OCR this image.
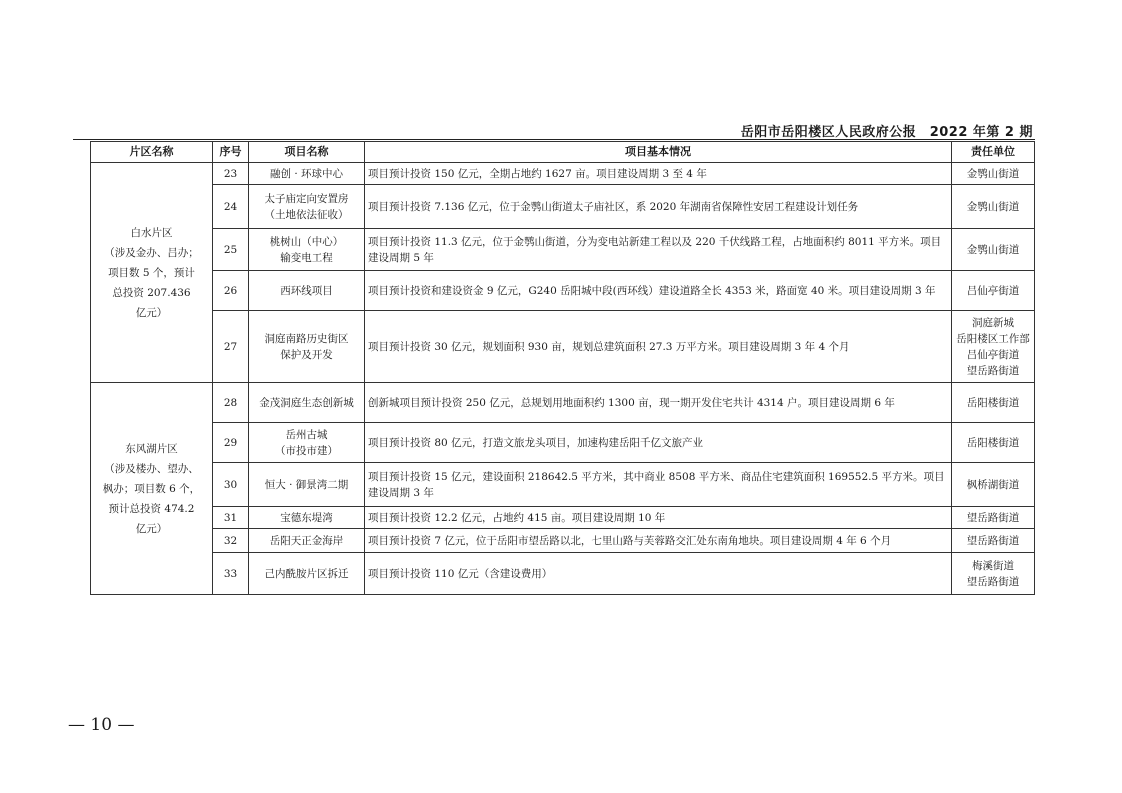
岳阳市岳阳楼区人民政府公报　2022 年第 2 期
片区名称	序号	项目名称	项目基本情况	责任单位
白水片区
（涉及金办、吕办；
项目数 5 个，预计
总投资 207.436
亿元）	23	融创 · 环球中心	项目预计投资 150 亿元，全期占地约 1627 亩。项目建设周期 3 至 4 年	金鹗山街道
	24	太子庙定向安置房
（土地依法征收）	项目预计投资 7.136 亿元，位于金鹗山街道太子庙社区，系 2020 年湖南省保障性安居工程建设计划任务	金鹗山街道
	25	桃树山（中心）
输变电工程	项目预计投资 11.3 亿元，位于金鹗山街道，分为变电站新建工程以及 220 千伏线路工程，占地面积约 8011 平方米。项目建设周期 5 年	金鹗山街道
	26	西环线项目	项目预计投资和建设资金 9 亿元，G240 岳阳城中段(西环线）建设道路全长 4353 米，路面宽 40 米。项目建设周期 3 年	吕仙亭街道
	27	洞庭南路历史街区
保护及开发	项目预计投资 30 亿元，规划面积 930 亩，规划总建筑面积 27.3 万平方米。项目建设周期 3 年 4 个月	洞庭新城
岳阳楼区工作部
吕仙亭街道
望岳路街道
东风湖片区
（涉及楼办、望办、
枫办；项目数 6 个，
预计总投资 474.2
亿元）	28	金茂洞庭生态创新城	创新城项目预计投资 250 亿元，总规划用地面积约 1300 亩，现一期开发住宅共计 4314 户。项目建设周期 6 年	岳阳楼街道
	29	岳州古城
（市投市建）	项目预计投资 80 亿元，打造文旅龙头项目，加速构建岳阳千亿文旅产业	岳阳楼街道
	30	恒大 · 御景湾二期	项目预计投资 15 亿元，建设面积 218642.5 平方米，其中商业 8508 平方米、商品住宅建筑面积 169552.5 平方米。项目建设周期 3 年	枫桥湖街道
	31	宝德东堤湾	项目预计投资 12.2 亿元，占地约 415 亩。项目建设周期 10 年	望岳路街道
	32	岳阳天正金海岸	项目预计投资 7 亿元，位于岳阳市望岳路以北，七里山路与芙蓉路交汇处东南角地块。项目建设周期 4 年 6 个月	望岳路街道
	33	己内酰胺片区拆迁	项目预计投资 110 亿元（含建设费用）	梅溪街道
望岳路街道
— 10 —
